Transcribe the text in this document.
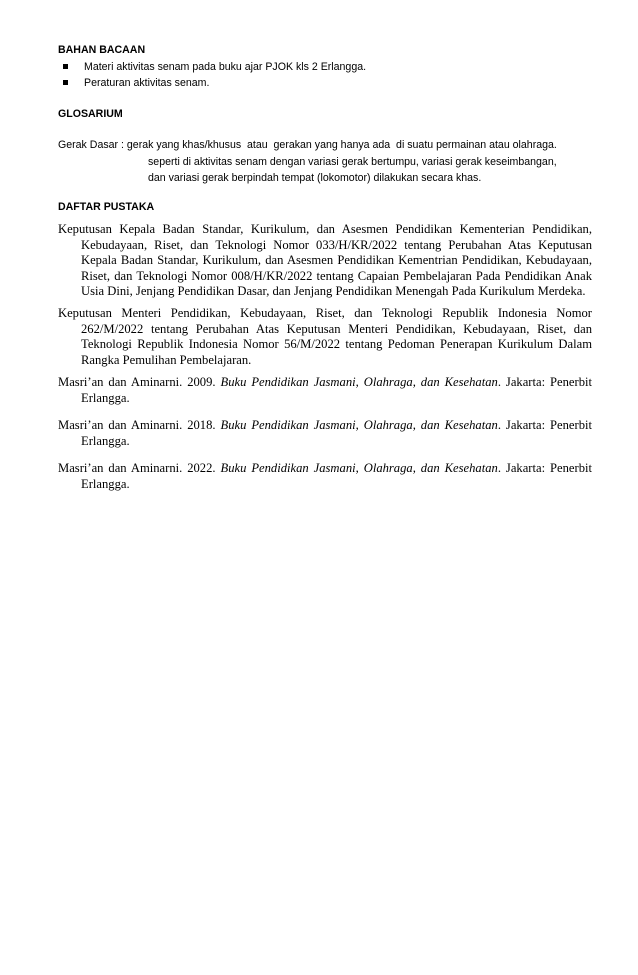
BAHAN BACAAN
Materi aktivitas senam pada buku ajar PJOK kls 2 Erlangga.
Peraturan aktivitas senam.
GLOSARIUM
Gerak Dasar : gerak yang khas/khusus  atau  gerakan yang hanya ada  di suatu permainan atau olahraga.
seperti di aktivitas senam dengan variasi gerak bertumpu, variasi gerak keseimbangan,
dan variasi gerak berpindah tempat (lokomotor) dilakukan secara khas.
DAFTAR PUSTAKA
Keputusan Kepala Badan Standar, Kurikulum, dan Asesmen Pendidikan Kementerian Pendidikan, Kebudayaan, Riset, dan Teknologi Nomor 033/H/KR/2022 tentang Perubahan Atas Keputusan Kepala Badan Standar, Kurikulum, dan Asesmen Pendidikan Kementrian Pendidikan, Kebudayaan, Riset, dan Teknologi Nomor 008/H/KR/2022 tentang Capaian Pembelajaran Pada Pendidikan Anak Usia Dini, Jenjang Pendidikan Dasar, dan Jenjang Pendidikan Menengah Pada Kurikulum Merdeka.
Keputusan Menteri Pendidikan, Kebudayaan, Riset, dan Teknologi Republik Indonesia Nomor 262/M/2022 tentang Perubahan Atas Keputusan Menteri Pendidikan, Kebudayaan, Riset, dan Teknologi Republik Indonesia Nomor 56/M/2022 tentang Pedoman Penerapan Kurikulum Dalam Rangka Pemulihan Pembelajaran.
Masri’an dan Aminarni. 2009. Buku Pendidikan Jasmani, Olahraga, dan Kesehatan. Jakarta: Penerbit Erlangga.
Masri’an dan Aminarni. 2018. Buku Pendidikan Jasmani, Olahraga, dan Kesehatan. Jakarta: Penerbit Erlangga.
Masri’an dan Aminarni. 2022. Buku Pendidikan Jasmani, Olahraga, dan Kesehatan. Jakarta: Penerbit Erlangga.
